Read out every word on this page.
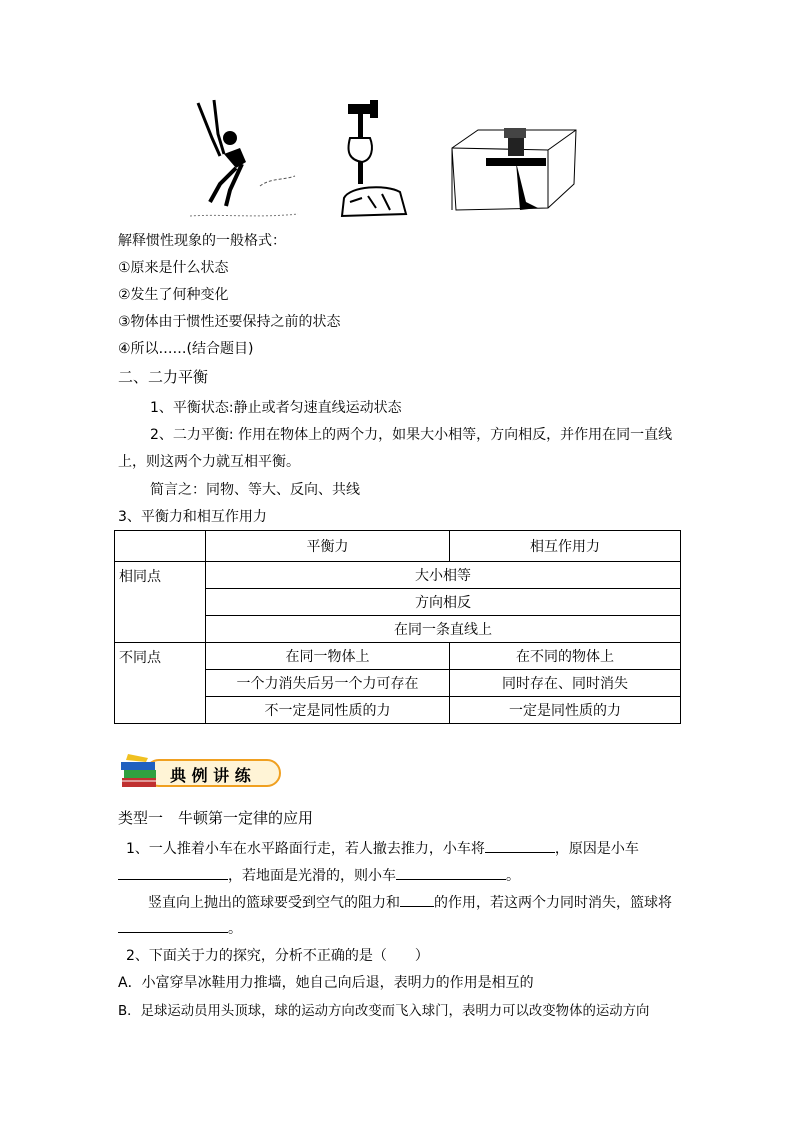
解释惯性现象的一般格式：
①原来是什么状态
②发生了何种变化
③物体由于惯性还要保持之前的状态
④所以……(结合题目)
二、二力平衡
1、平衡状态:静止或者匀速直线运动状态
2、二力平衡: 作用在物体上的两个力，如果大小相等，方向相反，并作用在同一直线
上，则这两个力就互相平衡。
简言之：同物、等大、反向、共线
3、平衡力和相互作用力
	平衡力	相互作用力
相同点	大小相等	
	方向相反	
	在同一条直线上	
不同点	在同一物体上	在不同的物体上
	一个力消失后另一个力可存在	同时存在、同时消失
	不一定是同性质的力	一定是同性质的力
典 例 讲 练
类型一　牛顿第一定律的应用
1、一人推着小车在水平路面行走，若人撤去推力，小车将	，原因是小车
，若地面是光滑的，则小车	。
竖直向上抛出的篮球要受到空气的阻力和 的作用，若这两个力同时消失，篮球将
。
2、下面关于力的探究，分析不正确的是（　　）
A．小富穿旱冰鞋用力推墙，她自己向后退，表明力的作用是相互的
B．足球运动员用头顶球，球的运动方向改变而飞入球门，表明力可以改变物体的运动方向
